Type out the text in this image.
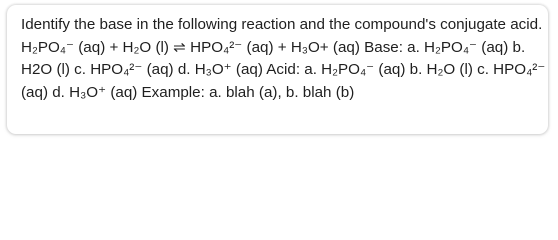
Identify the base in the following reaction and the compound's conjugate acid. H₂PO₄⁻ (aq) + H₂O (l) ⇌ HPO₄²⁻ (aq) + H₃O+ (aq) Base: a. H₂PO₄⁻ (aq) b. H2O (l) c. HPO₄²⁻ (aq) d. H₃O⁺ (aq) Acid: a. H₂PO₄⁻ (aq) b. H₂O (l) c. HPO₄²⁻ (aq) d. H₃O⁺ (aq) Example: a. blah (a), b. blah (b)
